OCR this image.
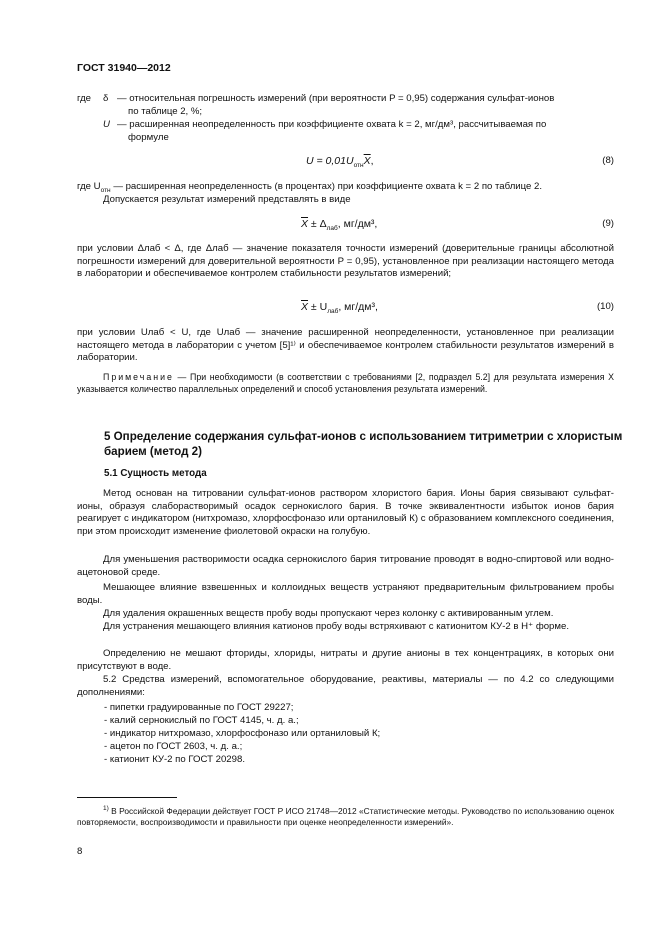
ГОСТ 31940—2012
где δ — относительная погрешность измерений (при вероятности P = 0,95) содержания сульфат-ионов
по таблице 2, %;
U — расширенная неопределенность при коэффициенте охвата k = 2, мг/дм³, рассчитываемая по
формуле
$U = 0,01U_{отн}\overline{X}$,	(8)
где $U_{отн}$ — расширенная неопределенность (в процентах) при коэффициенте охвата k = 2 по таблице 2.
Допускается результат измерений представлять в виде
$\overline{X} \pm \Delta_{лаб}$, мг/дм³,	(9)
при условии Δлаб < Δ, где Δлаб — значение показателя точности измерений (доверительные границы абсолютной погрешности измерений для доверительной вероятности P = 0,95), установленное при реализации настоящего метода в лаборатории и обеспечиваемое контролем стабильности результатов измерений;
$\overline{X} \pm U_{лаб}$, мг/дм³,	(10)
при условии Uлаб < U, где Uлаб — значение расширенной неопределенности, установленное при реализации настоящего метода в лаборатории с учетом [5]¹⁾ и обеспечиваемое контролем стабильности результатов измерений в лаборатории.
Примечание — При необходимости (в соответствии с требованиями [2, подраздел 5.2] для результата измерения X указывается количество параллельных определений и способ установления результата измерений.
5 Определение содержания сульфат-ионов с использованием титриметрии с хлористым барием (метод 2)
5.1 Сущность метода
Метод основан на титровании сульфат-ионов раствором хлористого бария. Ионы бария связывают сульфат-ионы, образуя слаборастворимый осадок сернокислого бария. В точке эквивалентности избыток ионов бария реагирует с индикатором (нитхромазо, хлорфосфоназо или ортаниловый К) с образованием комплексного соединения, при этом происходит изменение фиолетовой окраски на голубую.
Для уменьшения растворимости осадка сернокислого бария титрование проводят в водно-спиртовой или водно-ацетоновой среде.
Мешающее влияние взвешенных и коллоидных веществ устраняют предварительным фильтрованием пробы воды.
Для удаления окрашенных веществ пробу воды пропускают через колонку с активированным углем.
Для устранения мешающего влияния катионов пробу воды встряхивают с катионитом КУ-2 в Н⁺ форме.
Определению не мешают фториды, хлориды, нитраты и другие анионы в тех концентрациях, в которых они присутствуют в воде.
5.2 Средства измерений, вспомогательное оборудование, реактивы, материалы — по 4.2 со следующими дополнениями:
- пипетки градуированные по ГОСТ 29227;
- калий сернокислый по ГОСТ 4145, ч. д. а.;
- индикатор нитхромазо, хлорфосфоназо или ортаниловый К;
- ацетон по ГОСТ 2603, ч. д. а.;
- катионит КУ-2 по ГОСТ 20298.
$^{1)}$ В Российской Федерации действует ГОСТ Р ИСО 21748—2012 «Статистические методы. Руководство по использованию оценок повторяемости, воспроизводимости и правильности при оценке неопределенности измерений».
8
